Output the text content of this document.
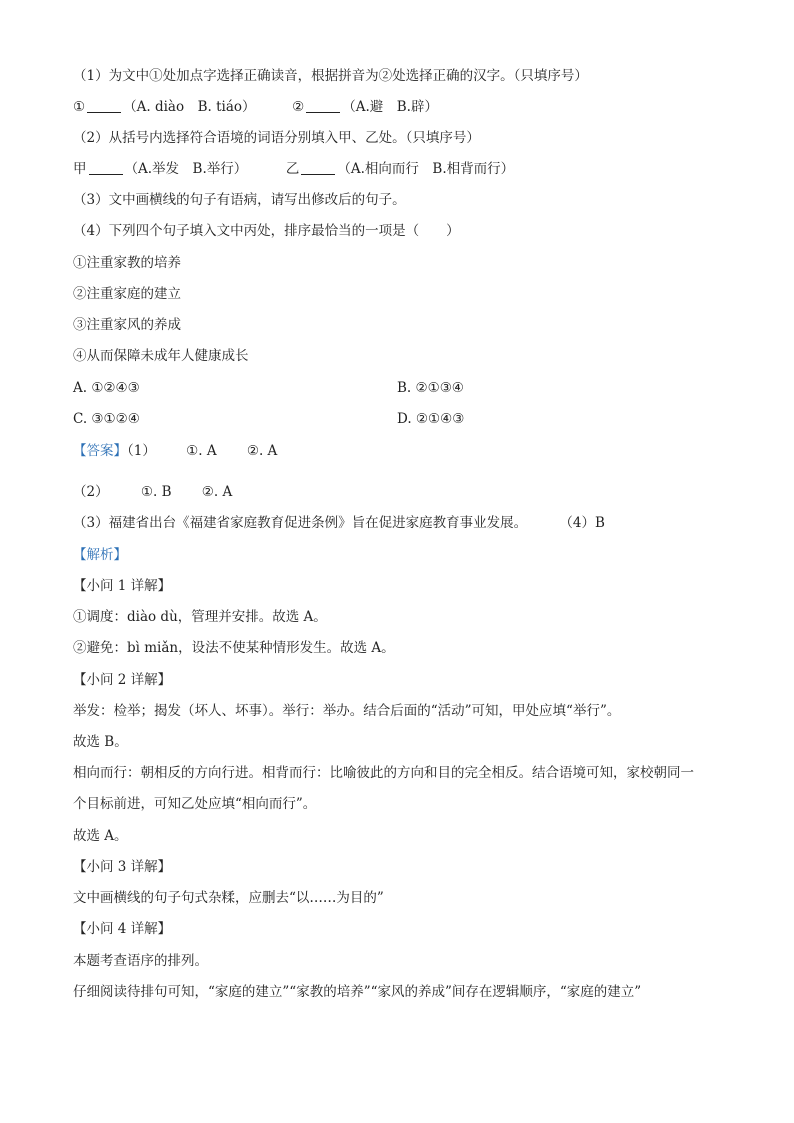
（1）为文中①处加点字选择正确读音，根据拼音为②处选择正确的汉字。（只填序号）
①	（A. diào　B. tiáo）	②	（A.避　B.辟）
（2）从括号内选择符合语境的词语分别填入甲、乙处。（只填序号）
甲	（A.举发　B.举行）	乙	（A.相向而行　B.相背而行）
（3）文中画横线的句子有语病，请写出修改后的句子。
（4）下列四个句子填入文中丙处，排序最恰当的一项是（　　）
①注重家教的培养
②注重家庭的建立
③注重家风的养成
④从而保障未成年人健康成长
A. ①②④③	B. ②①③④
C. ③①②④	D. ②①④③
【答案】（1） ①. A ②. A
（2） ①. B ②. A
（3）福建省出台《福建省家庭教育促进条例》旨在促进家庭教育事业发展。 （4）B
【解析】
【小问 1 详解】
①调度：diào dù，管理并安排。故选 A。
②避免：bì miǎn，设法不使某种情形发生。故选 A。
【小问 2 详解】
举发：检举；揭发（坏人、坏事）。举行：举办。结合后面的“活动”可知，甲处应填“举行”。
故选 B。
相向而行：朝相反的方向行进。相背而行：比喻彼此的方向和目的完全相反。结合语境可知，家校朝同一
个目标前进，可知乙处应填“相向而行”。
故选 A。
【小问 3 详解】
文中画横线的句子句式杂糅，应删去“以……为目的”
【小问 4 详解】
本题考查语序的排列。
仔细阅读待排句可知，“家庭的建立”“家教的培养”“家风的养成”间存在逻辑顺序，“家庭的建立”
